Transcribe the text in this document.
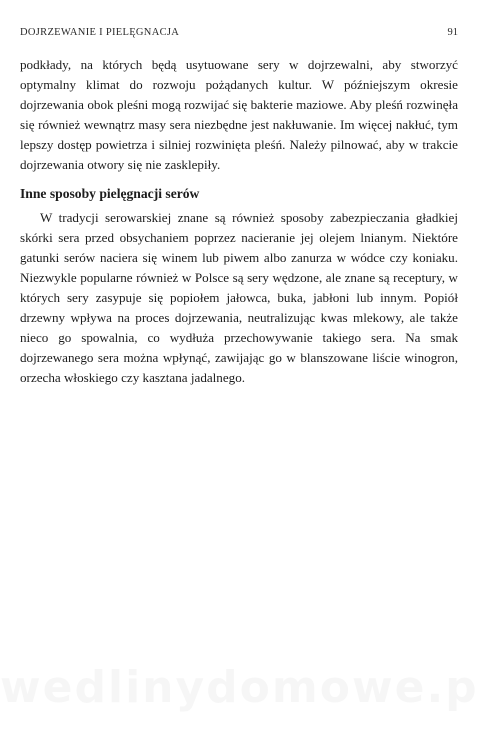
DOJRZEWANIE I PIELĘGNACJA	91

podkłady, na których będą usytuowane sery w dojrzewalni, aby stworzyć optymalny klimat do rozwoju pożądanych kultur. W późniejszym okresie dojrzewania obok pleśni mogą rozwijać się bakterie maziowe. Aby pleśń rozwinęła się również wewnątrz masy sera niezbędne jest nakłuwanie. Im więcej nakłuć, tym lepszy dostęp powietrza i silniej rozwinięta pleśń. Należy pilnować, aby w trakcie dojrzewania otwory się nie zasklepiły.

Inne sposoby pielęgnacji serów

W tradycji serowarskiej znane są również sposoby zabezpieczania gładkiej skórki sera przed obsychaniem poprzez nacieranie jej olejem lnianym. Niektóre gatunki serów naciera się winem lub piwem albo zanurza w wódce czy koniaku. Niezwykle popularne również w Polsce są sery wędzone, ale znane są receptury, w których sery zasypuje się popiołem jałowca, buka, jabłoni lub innym. Popiół drzewny wpływa na proces dojrzewania, neutralizując kwas mlekowy, ale także nieco go spowalnia, co wydłuża przechowywanie takiego sera. Na smak dojrzewanego sera można wpłynąć, zawijając go w blanszowane liście winogron, orzecha włoskiego czy kasztana jadalnego.
